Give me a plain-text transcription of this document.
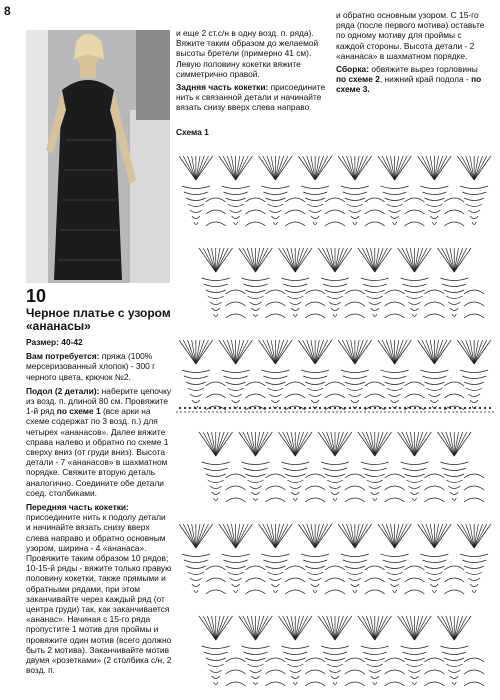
8
10
Черное платье с узором «ананасы»

Размер: 40-42

Вам потребуется: пряжа (100% мерсеризованный хлопок) - 300 г черного цвета, крючок №2.

Подол (2 детали): наберите цепочку из возд. п. длиной 80 см. Провяжите 1-й ряд по схеме 1 (все арки на схеме содержат по 3 возд. п.) для четырех «ананасов». Далее вяжите справа налево и обратно по схеме 1 сверху вниз (от груди вниз). Высота детали - 7 «ананасов» в шахматном порядке. Свяжите вторую деталь аналогично. Соедините обе детали соед. столбиками.

Передняя часть кокетки: присоедините нить к подолу детали и начинайте вязать снизу вверх слева направо и обратно основным узором, ширина - 4 «ананаса». Провяжите таким образом 10 рядов; 10-15-й ряды - вяжите только правую половину кокетки, также прямыми и обратными рядами, при этом заканчивайте через каждый ряд (от центра груди) так, как заканчивается «ананас». Начиная с 15-го ряда пропустите 1 мотив для проймы и провяжите один мотив (всего должно быть 2 мотива). Заканчивайте мотив двумя «розетками» (2 столбика с/н, 2 возд. п.

и еще 2 ст.с/н в одну возд. п. ряда). Вяжите таким образом до желаемой высоты бретели (примерно 41 см). Левую половину кокетки вяжите симметрично правой.

Задняя часть кокетки: присоедините нить к связанной детали и начинайте вязать снизу вверх слева направо

и обратно основным узором. С 15-го ряда (после первого мотива) оставьте по одному мотиву для проймы с каждой стороны. Высота детали - 2 «ананаса» в шахматном порядке.

Сборка: обвяжите вырез горловины по схеме 2, нижний край подола - по схеме 3.

Схема 1
